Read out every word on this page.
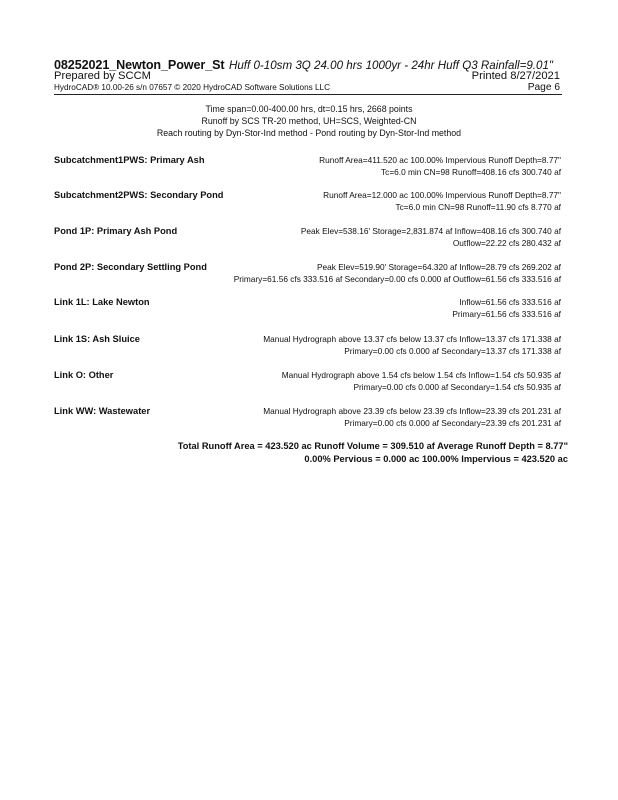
08252021_Newton_Power_St Huff 0-10sm 3Q 24.00 hrs 1000yr - 24hr Huff Q3 Rainfall=9.01"
Prepared by SCCM	Printed 8/27/2021
HydroCAD® 10.00-26 s/n 07657 © 2020 HydroCAD Software Solutions LLC	Page 6
Time span=0.00-400.00 hrs, dt=0.15 hrs, 2668 points
Runoff by SCS TR-20 method, UH=SCS, Weighted-CN
Reach routing by Dyn-Stor-Ind method - Pond routing by Dyn-Stor-Ind method
Subcatchment1PWS: Primary Ash	Runoff Area=411.520 ac 100.00% Impervious Runoff Depth=8.77"
Tc=6.0 min CN=98 Runoff=408.16 cfs 300.740 af
Subcatchment2PWS: Secondary Pond	Runoff Area=12.000 ac 100.00% Impervious Runoff Depth=8.77"
Tc=6.0 min CN=98 Runoff=11.90 cfs 8.770 af
Pond 1P: Primary Ash Pond	Peak Elev=538.16' Storage=2,831.874 af Inflow=408.16 cfs 300.740 af
Outflow=22.22 cfs 280.432 af
Pond 2P: Secondary Settling Pond	Peak Elev=519.90' Storage=64.320 af Inflow=28.79 cfs 269.202 af
Primary=61.56 cfs 333.516 af Secondary=0.00 cfs 0.000 af Outflow=61.56 cfs 333.516 af
Link 1L: Lake Newton	Inflow=61.56 cfs 333.516 af
Primary=61.56 cfs 333.516 af
Link 1S: Ash Sluice	Manual Hydrograph above 13.37 cfs below 13.37 cfs Inflow=13.37 cfs 171.338 af
Primary=0.00 cfs 0.000 af Secondary=13.37 cfs 171.338 af
Link O: Other	Manual Hydrograph above 1.54 cfs below 1.54 cfs Inflow=1.54 cfs 50.935 af
Primary=0.00 cfs 0.000 af Secondary=1.54 cfs 50.935 af
Link WW: Wastewater	Manual Hydrograph above 23.39 cfs below 23.39 cfs Inflow=23.39 cfs 201.231 af
Primary=0.00 cfs 0.000 af Secondary=23.39 cfs 201.231 af
Total Runoff Area = 423.520 ac Runoff Volume = 309.510 af Average Runoff Depth = 8.77"
0.00% Pervious = 0.000 ac 100.00% Impervious = 423.520 ac
